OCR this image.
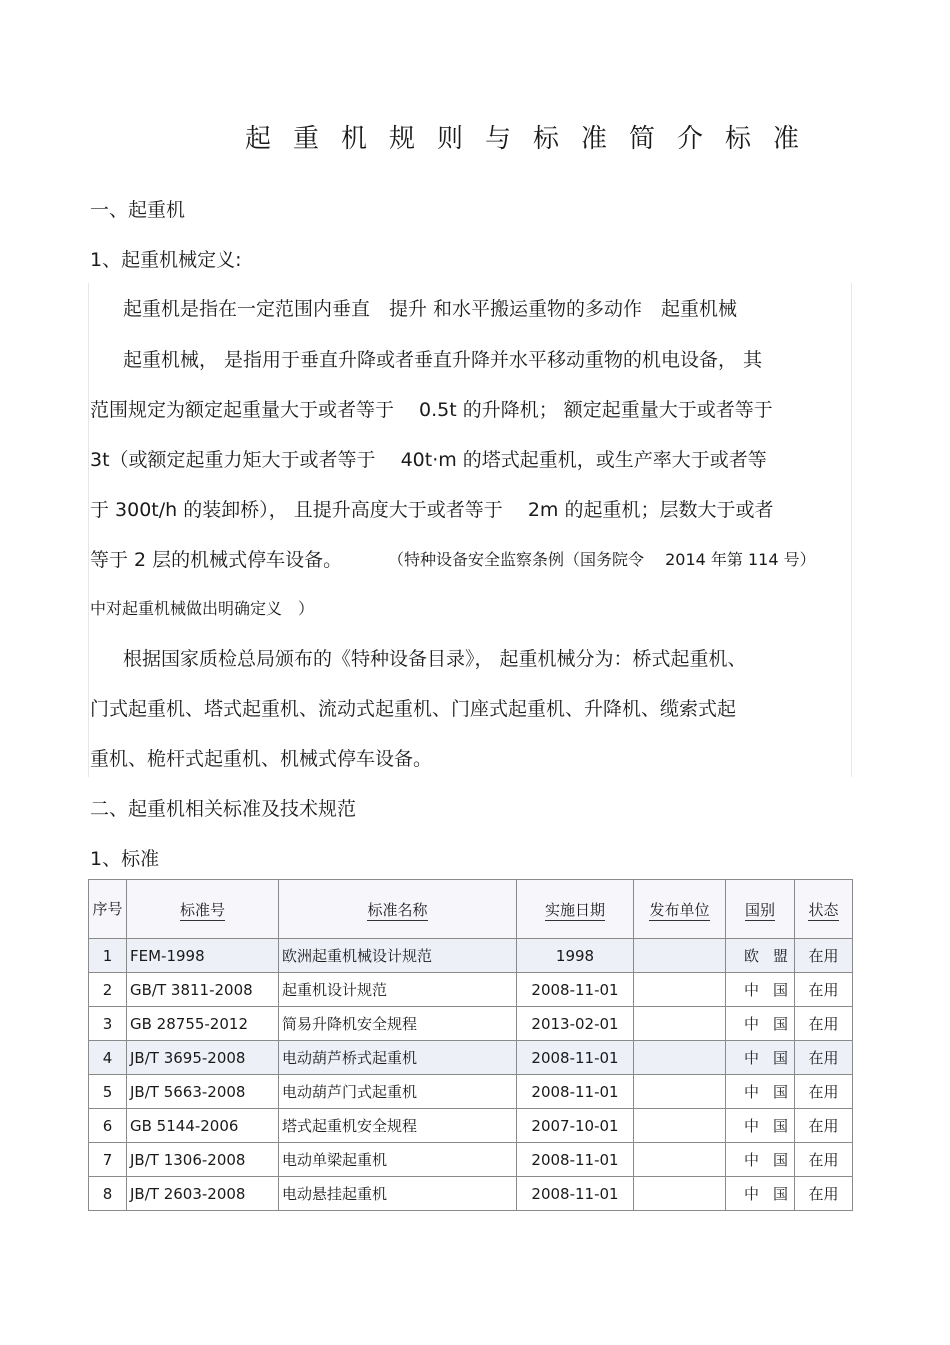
起重机规则与标准简介标准
一、起重机
1、起重机械定义:
起重机是指在一定范围内垂直　提升 和水平搬运重物的多动作　起重机械
起重机械， 是指用于垂直升降或者垂直升降并水平移动重物的机电设备， 其
范围规定为额定起重量大于或者等于　 0.5t 的升降机； 额定起重量大于或者等于
3t（或额定起重力矩大于或者等于　 40t·m 的塔式起重机，或生产率大于或者等
于 300t/h 的装卸桥）， 且提升高度大于或者等于　 2m 的起重机；层数大于或者
等于 2 层的机械式停车设备。	（特种设备安全监察条例（国务院令　 2014 年第 114 号）
中对起重机械做出明确定义　）
根据国家质检总局颁布的《特种设备目录》， 起重机械分为：桥式起重机、
门式起重机、塔式起重机、流动式起重机、门座式起重机、升降机、缆索式起
重机、桅杆式起重机、机械式停车设备。
二、起重机相关标准及技术规范
1、标准
序号	标准号	标准名称	实施日期	发布单位	国别	状态
1	FEM-1998	欧洲起重机械设计规范	1998		欧盟	在用
2	GB/T 3811-2008	起重机设计规范	2008-11-01		中国	在用
3	GB 28755-2012	简易升降机安全规程	2013-02-01		中国	在用
4	JB/T 3695-2008	电动葫芦桥式起重机	2008-11-01		中国	在用
5	JB/T 5663-2008	电动葫芦门式起重机	2008-11-01		中国	在用
6	GB 5144-2006	塔式起重机安全规程	2007-10-01		中国	在用
7	JB/T 1306-2008	电动单梁起重机	2008-11-01		中国	在用
8	JB/T 2603-2008	电动悬挂起重机	2008-11-01		中国	在用
